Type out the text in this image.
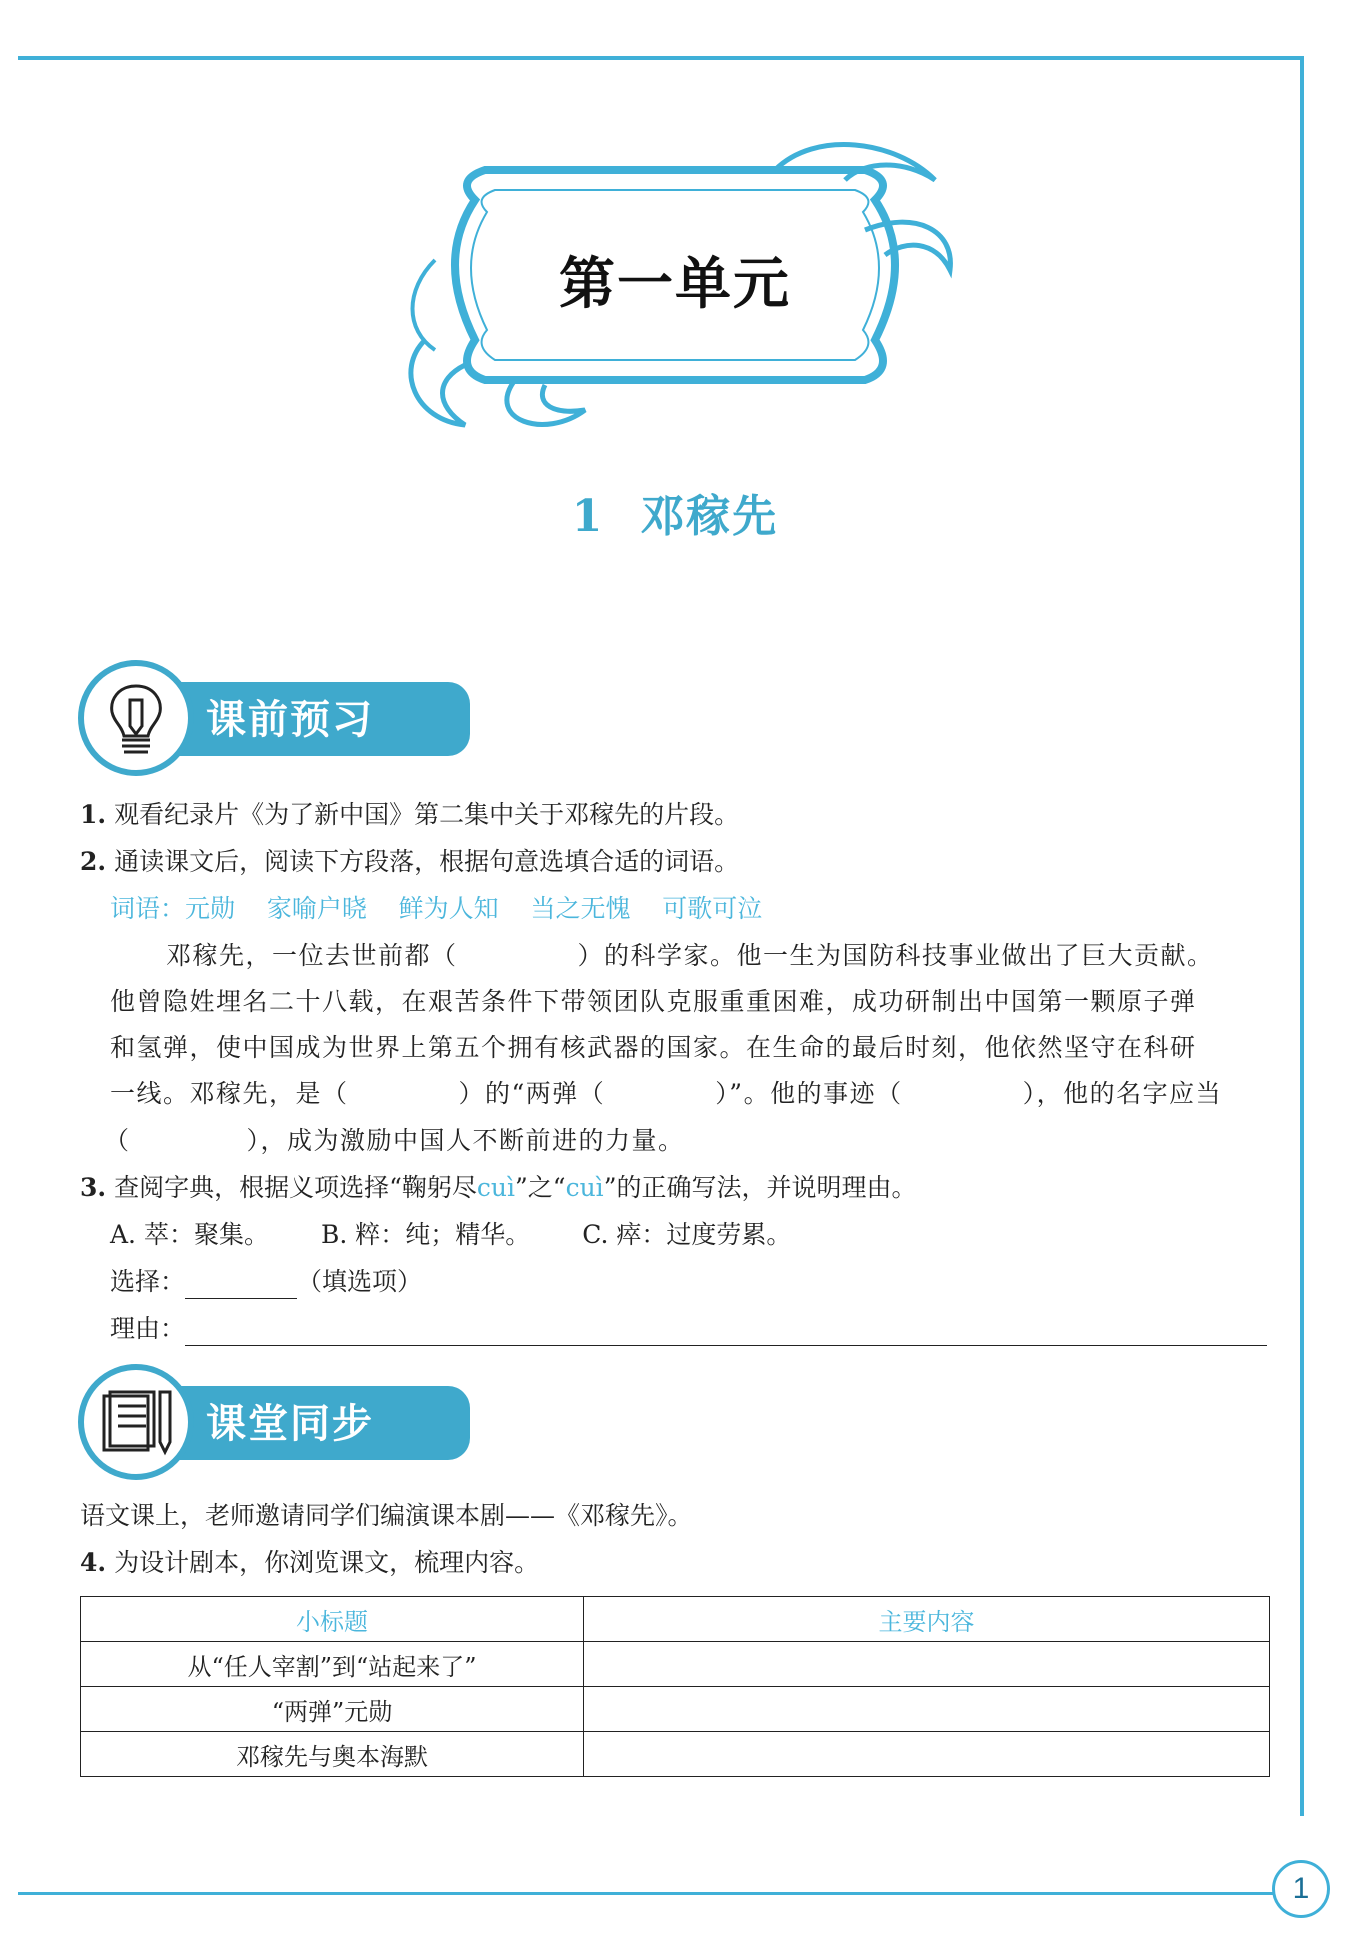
第一单元
1 邓稼先
课前预习
1. 观看纪录片《为了新中国》第二集中关于邓稼先的片段。
2. 通读课文后，阅读下方段落，根据句意选填合适的词语。
词语：元勋 家喻户晓 鲜为人知 当之无愧 可歌可泣
邓稼先，一位去世前都（	）的科学家。他一生为国防科技事业做出了巨大贡献。
他曾隐姓埋名二十八载，在艰苦条件下带领团队克服重重困难，成功研制出中国第一颗原子弹
和氢弹，使中国成为世界上第五个拥有核武器的国家。在生命的最后时刻，他依然坚守在科研
一线。邓稼先，是（	）的“两弹（	）”。他的事迹（	），他的名字应当
（	），成为激励中国人不断前进的力量。
3. 查阅字典，根据义项选择“鞠躬尽cuì”之“cuì”的正确写法，并说明理由。
A. 萃：聚集。 B. 粹：纯；精华。 C. 瘁：过度劳累。
选择：	（填选项）
理由：
课堂同步
语文课上，老师邀请同学们编演课本剧——《邓稼先》。
4. 为设计剧本，你浏览课文，梳理内容。
小标题	主要内容
从“任人宰割”到“站起来了”	
“两弹”元勋	
邓稼先与奥本海默	
1
